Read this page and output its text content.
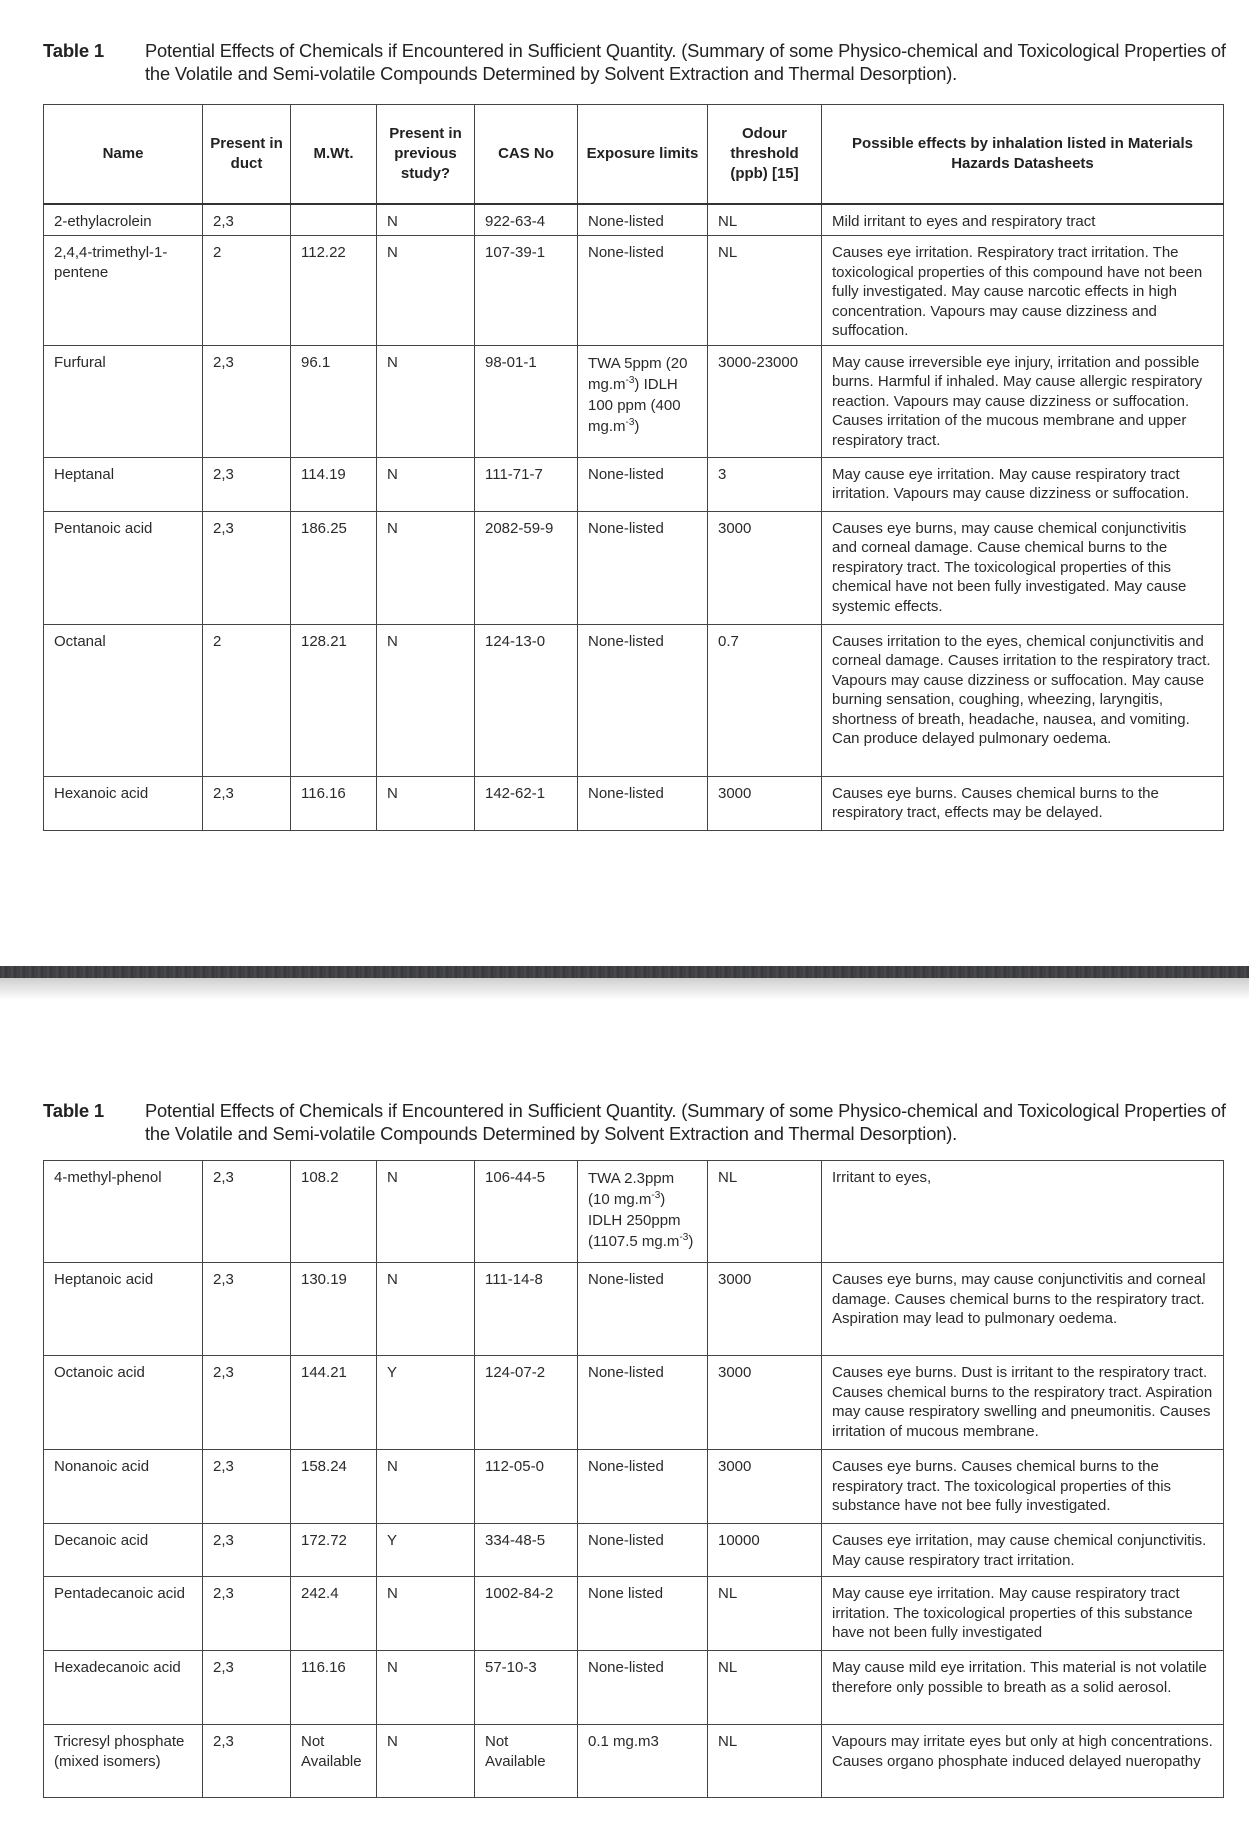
Table 1 Potential Effects of Chemicals if Encountered in Sufficient Quantity. (Summary of some Physico-chemical and Toxicological Properties of the Volatile and Semi-volatile Compounds Determined by Solvent Extraction and Thermal Desorption).
Name	Present in duct	M.Wt.	Present in previous study?	CAS No	Exposure limits	Odour threshold (ppb) [15]	Possible effects by inhalation listed in Materials Hazards Datasheets
2-ethylacrolein	2,3		N	922-63-4	None-listed	NL	Mild irritant to eyes and respiratory tract
2,4,4-trimethyl-1-pentene	2	112.22	N	107-39-1	None-listed	NL	Causes eye irritation. Respiratory tract irritation. The toxicological properties of this compound have not been fully investigated. May cause narcotic effects in high concentration. Vapours may cause dizziness and suffocation.
Furfural	2,3	96.1	N	98-01-1	TWA 5ppm (20 $mg.m^{-3}$) IDLH 100 ppm (400 $mg.m^{-3}$)	3000-23000	May cause irreversible eye injury, irritation and possible burns. Harmful if inhaled. May cause allergic respiratory reaction. Vapours may cause dizziness or suffocation. Causes irritation of the mucous membrane and upper respiratory tract.
Heptanal	2,3	114.19	N	111-71-7	None-listed	3	May cause eye irritation. May cause respiratory tract irritation. Vapours may cause dizziness or suffocation.
Pentanoic acid	2,3	186.25	N	2082-59-9	None-listed	3000	Causes eye burns, may cause chemical conjunctivitis and corneal damage. Cause chemical burns to the respiratory tract. The toxicological properties of this chemical have not been fully investigated. May cause systemic effects.
Octanal	2	128.21	N	124-13-0	None-listed	0.7	Causes irritation to the eyes, chemical conjunctivitis and corneal damage. Causes irritation to the respiratory tract. Vapours may cause dizziness or suffocation. May cause burning sensation, coughing, wheezing, laryngitis, shortness of breath, headache, nausea, and vomiting. Can produce delayed pulmonary oedema.
Hexanoic acid	2,3	116.16	N	142-62-1	None-listed	3000	Causes eye burns. Causes chemical burns to the respiratory tract, effects may be delayed.
Table 1 Potential Effects of Chemicals if Encountered in Sufficient Quantity. (Summary of some Physico-chemical and Toxicological Properties of the Volatile and Semi-volatile Compounds Determined by Solvent Extraction and Thermal Desorption).
4-methyl-phenol	2,3	108.2	N	106-44-5	TWA 2.3ppm (10 $mg.m^{-3}$) IDLH 250ppm (1107.5 $mg.m^{-3}$)	NL	Irritant to eyes,
Heptanoic acid	2,3	130.19	N	111-14-8	None-listed	3000	Causes eye burns, may cause conjunctivitis and corneal damage. Causes chemical burns to the respiratory tract. Aspiration may lead to pulmonary oedema.
Octanoic acid	2,3	144.21	Y	124-07-2	None-listed	3000	Causes eye burns. Dust is irritant to the respiratory tract. Causes chemical burns to the respiratory tract. Aspiration may cause respiratory swelling and pneumonitis. Causes irritation of mucous membrane.
Nonanoic acid	2,3	158.24	N	112-05-0	None-listed	3000	Causes eye burns. Causes chemical burns to the respiratory tract. The toxicological properties of this substance have not bee fully investigated.
Decanoic acid	2,3	172.72	Y	334-48-5	None-listed	10000	Causes eye irritation, may cause chemical conjunctivitis. May cause respiratory tract irritation.
Pentadecanoic acid	2,3	242.4	N	1002-84-2	None listed	NL	May cause eye irritation. May cause respiratory tract irritation. The toxicological properties of this substance have not been fully investigated
Hexadecanoic acid	2,3	116.16	N	57-10-3	None-listed	NL	May cause mild eye irritation. This material is not volatile therefore only possible to breath as a solid aerosol.
Tricresyl phosphate (mixed isomers)	2,3	Not Available	N	Not Available	0.1 mg.m3	NL	Vapours may irritate eyes but only at high concentrations. Causes organo phosphate induced delayed nueropathy
